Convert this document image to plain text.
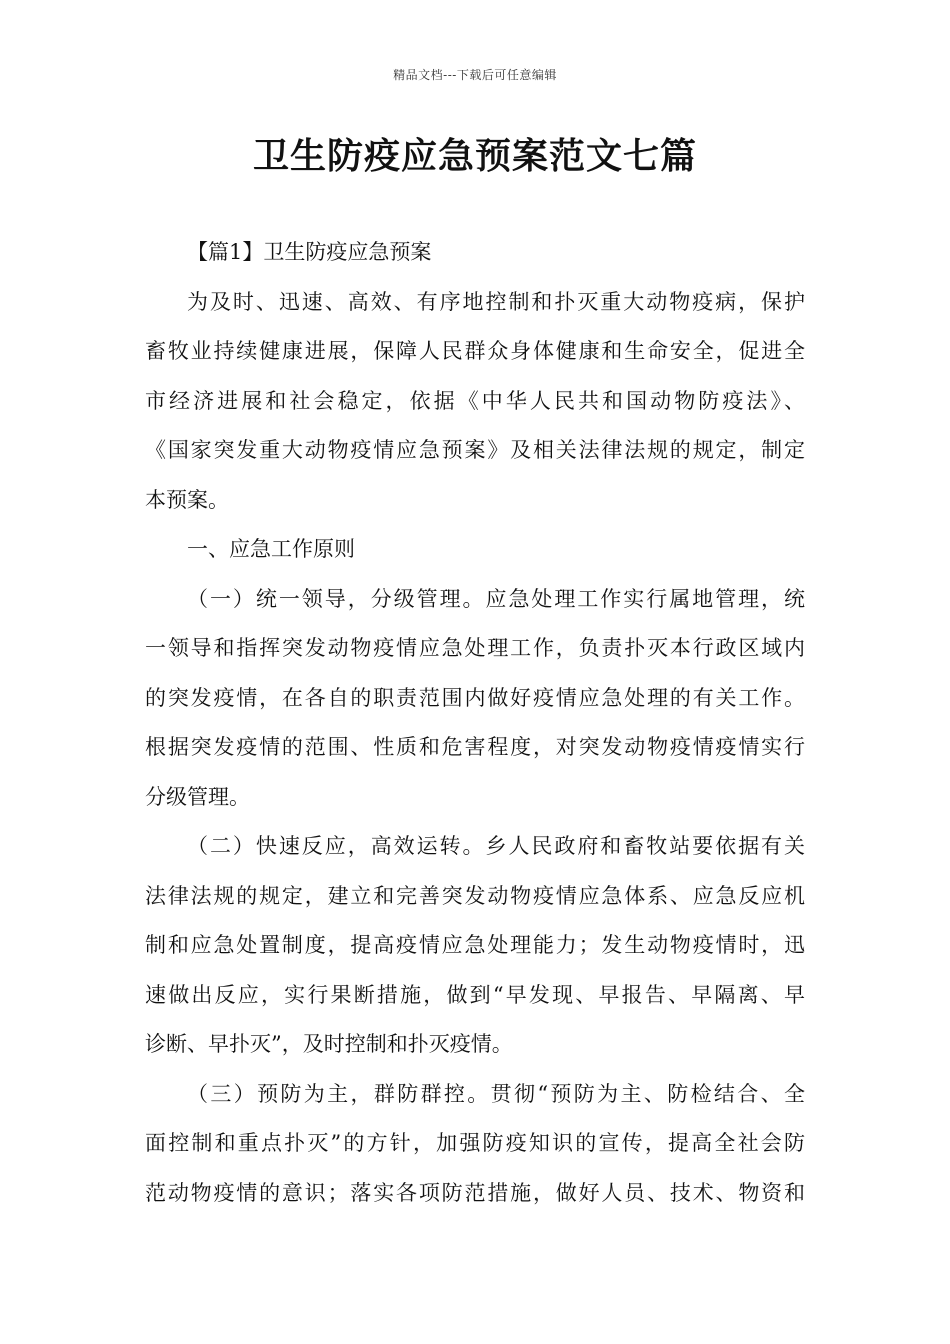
精品文档---下载后可任意编辑
卫生防疫应急预案范文七篇
【篇1】卫生防疫应急预案
为及时、迅速、高效、有序地控制和扑灭重大动物疫病，保护
畜牧业持续健康进展，保障人民群众身体健康和生命安全，促进全
市经济进展和社会稳定，依据《中华人民共和国动物防疫法》、
《国家突发重大动物疫情应急预案》及相关法律法规的规定，制定
本预案。
一、应急工作原则
（一）统一领导，分级管理。应急处理工作实行属地管理，统
一领导和指挥突发动物疫情应急处理工作，负责扑灭本行政区域内
的突发疫情，在各自的职责范围内做好疫情应急处理的有关工作。
根据突发疫情的范围、性质和危害程度，对突发动物疫情疫情实行
分级管理。
（二）快速反应，高效运转。乡人民政府和畜牧站要依据有关
法律法规的规定，建立和完善突发动物疫情应急体系、应急反应机
制和应急处置制度，提高疫情应急处理能力；发生动物疫情时，迅
速做出反应，实行果断措施，做到“早发现、早报告、早隔离、早
诊断、早扑灭”，及时控制和扑灭疫情。
（三）预防为主，群防群控。贯彻“预防为主、防检结合、全
面控制和重点扑灭”的方针，加强防疫知识的宣传，提高全社会防
范动物疫情的意识；落实各项防范措施，做好人员、技术、物资和
